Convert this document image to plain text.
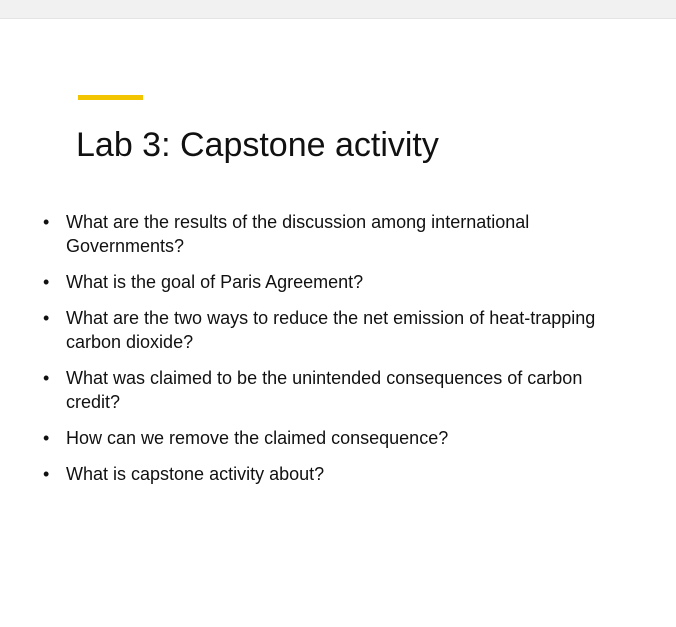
Lab 3: Capstone activity
• What are the results of the discussion among international Governments?
• What is the goal of Paris Agreement?
• What are the two ways to reduce the net emission of heat-trapping carbon dioxide?
• What was claimed to be the unintended consequences of carbon credit?
• How can we remove the claimed consequence?
• What is capstone activity about?
